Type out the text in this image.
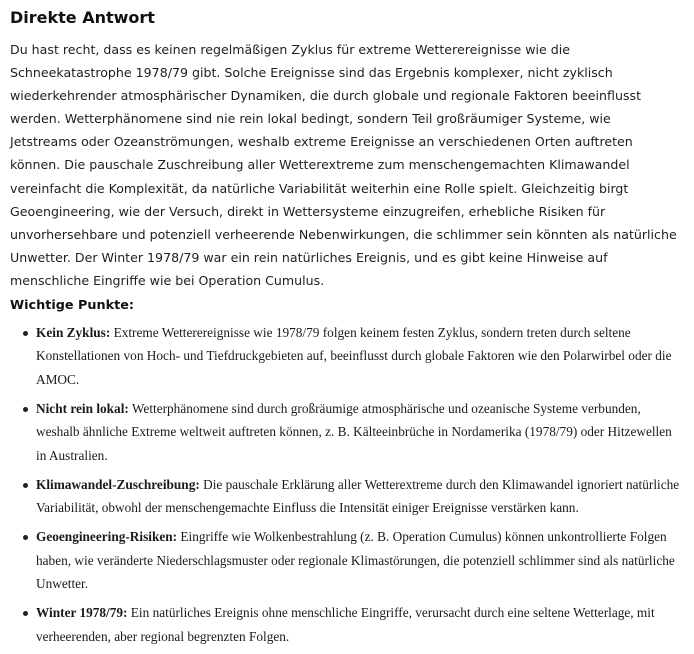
Direkte Antwort

Du hast recht, dass es keinen regelmäßigen Zyklus für extreme Wetterereignisse wie die Schneekatastrophe 1978/79 gibt. Solche Ereignisse sind das Ergebnis komplexer, nicht zyklisch wiederkehrender atmosphärischer Dynamiken, die durch globale und regionale Faktoren beeinflusst werden. Wetterphänomene sind nie rein lokal bedingt, sondern Teil großräumiger Systeme, wie Jetstreams oder Ozeanströmungen, weshalb extreme Ereignisse an verschiedenen Orten auftreten können. Die pauschale Zuschreibung aller Wetterextreme zum menschengemachten Klimawandel vereinfacht die Komplexität, da natürliche Variabilität weiterhin eine Rolle spielt. Gleichzeitig birgt Geoengineering, wie der Versuch, direkt in Wettersysteme einzugreifen, erhebliche Risiken für unvorhersehbare und potenziell verheerende Nebenwirkungen, die schlimmer sein könnten als natürliche Unwetter. Der Winter 1978/79 war ein rein natürliches Ereignis, und es gibt keine Hinweise auf menschliche Eingriffe wie bei Operation Cumulus.

Wichtige Punkte:
Kein Zyklus: Extreme Wetterereignisse wie 1978/79 folgen keinem festen Zyklus, sondern treten durch seltene Konstellationen von Hoch- und Tiefdruckgebieten auf, beeinflusst durch globale Faktoren wie den Polarwirbel oder die AMOC.
Nicht rein lokal: Wetterphänomene sind durch großräumige atmosphärische und ozeanische Systeme verbunden, weshalb ähnliche Extreme weltweit auftreten können, z. B. Kälteeinbrüche in Nordamerika (1978/79) oder Hitzewellen in Australien.
Klimawandel-Zuschreibung: Die pauschale Erklärung aller Wetterextreme durch den Klimawandel ignoriert natürliche Variabilität, obwohl der menschengemachte Einfluss die Intensität einiger Ereignisse verstärken kann.
Geoengineering-Risiken: Eingriffe wie Wolkenbestrahlung (z. B. Operation Cumulus) können unkontrollierte Folgen haben, wie veränderte Niederschlagsmuster oder regionale Klimastörungen, die potenziell schlimmer sind als natürliche Unwetter.
Winter 1978/79: Ein natürliches Ereignis ohne menschliche Eingriffe, verursacht durch eine seltene Wetterlage, mit verheerenden, aber regional begrenzten Folgen.
